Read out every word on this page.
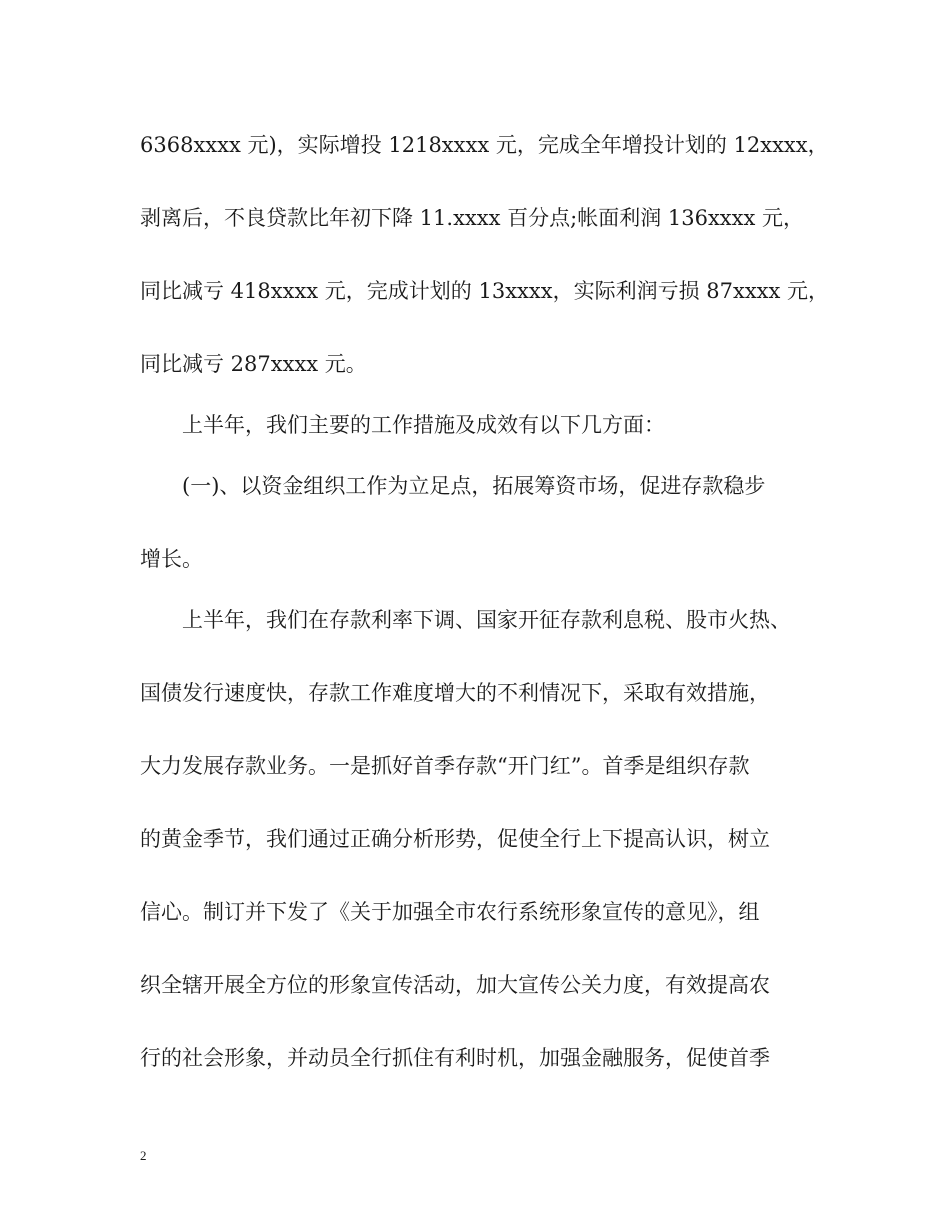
6368xxxx 元)，实际增投 1218xxxx 元，完成全年增投计划的 12xxxx，
剥离后，不良贷款比年初下降 11.xxxx 百分点;帐面利润 136xxxx 元，
同比减亏 418xxxx 元，完成计划的 13xxxx，实际利润亏损 87xxxx 元，
同比减亏 287xxxx 元。
上半年，我们主要的工作措施及成效有以下几方面：
(一)、以资金组织工作为立足点，拓展筹资市场，促进存款稳步
增长。
上半年，我们在存款利率下调、国家开征存款利息税、股市火热、
国债发行速度快，存款工作难度增大的不利情况下，采取有效措施，
大力发展存款业务。一是抓好首季存款“开门红”。首季是组织存款
的黄金季节，我们通过正确分析形势，促使全行上下提高认识，树立
信心。制订并下发了《关于加强全市农行系统形象宣传的意见》，组
织全辖开展全方位的形象宣传活动，加大宣传公关力度，有效提高农
行的社会形象，并动员全行抓住有利时机，加强金融服务，促使首季
2
